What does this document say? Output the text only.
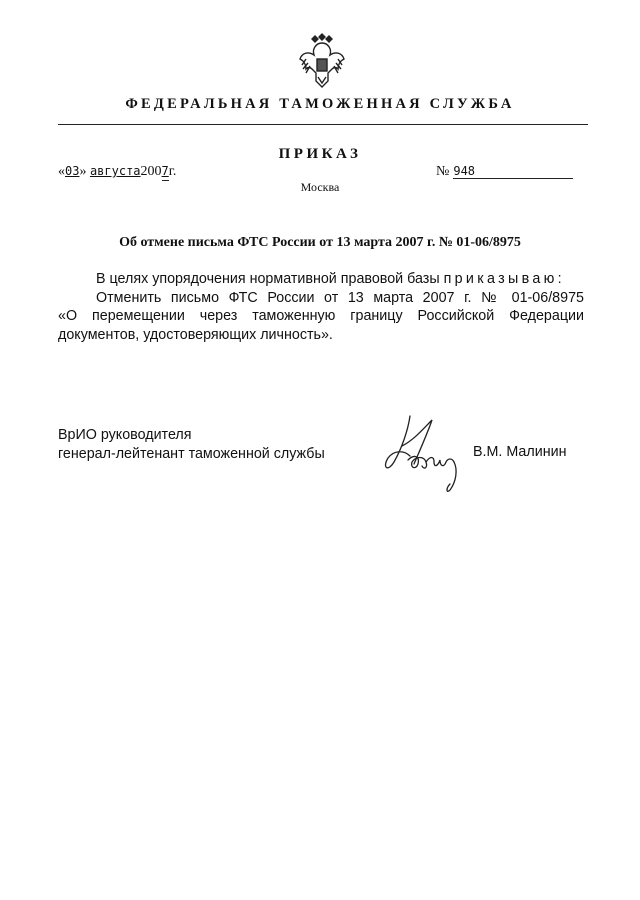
ФЕДЕРАЛЬНАЯ ТАМОЖЕННАЯ СЛУЖБА
ПРИКАЗ
«03» августа2007г.	№ 948
Москва
Об отмене письма ФТС России от 13 марта 2007 г. № 01-06/8975

В целях упорядочения нормативной правовой базы приказываю:

Отменить письмо ФТС России от 13 марта 2007 г. № 01-06/8975

«О перемещении через таможенную границу Российской Федерации документов, удостоверяющих личность».

ВрИО руководителя
генерал-лейтенант таможенной службы	В.М. Малинин
